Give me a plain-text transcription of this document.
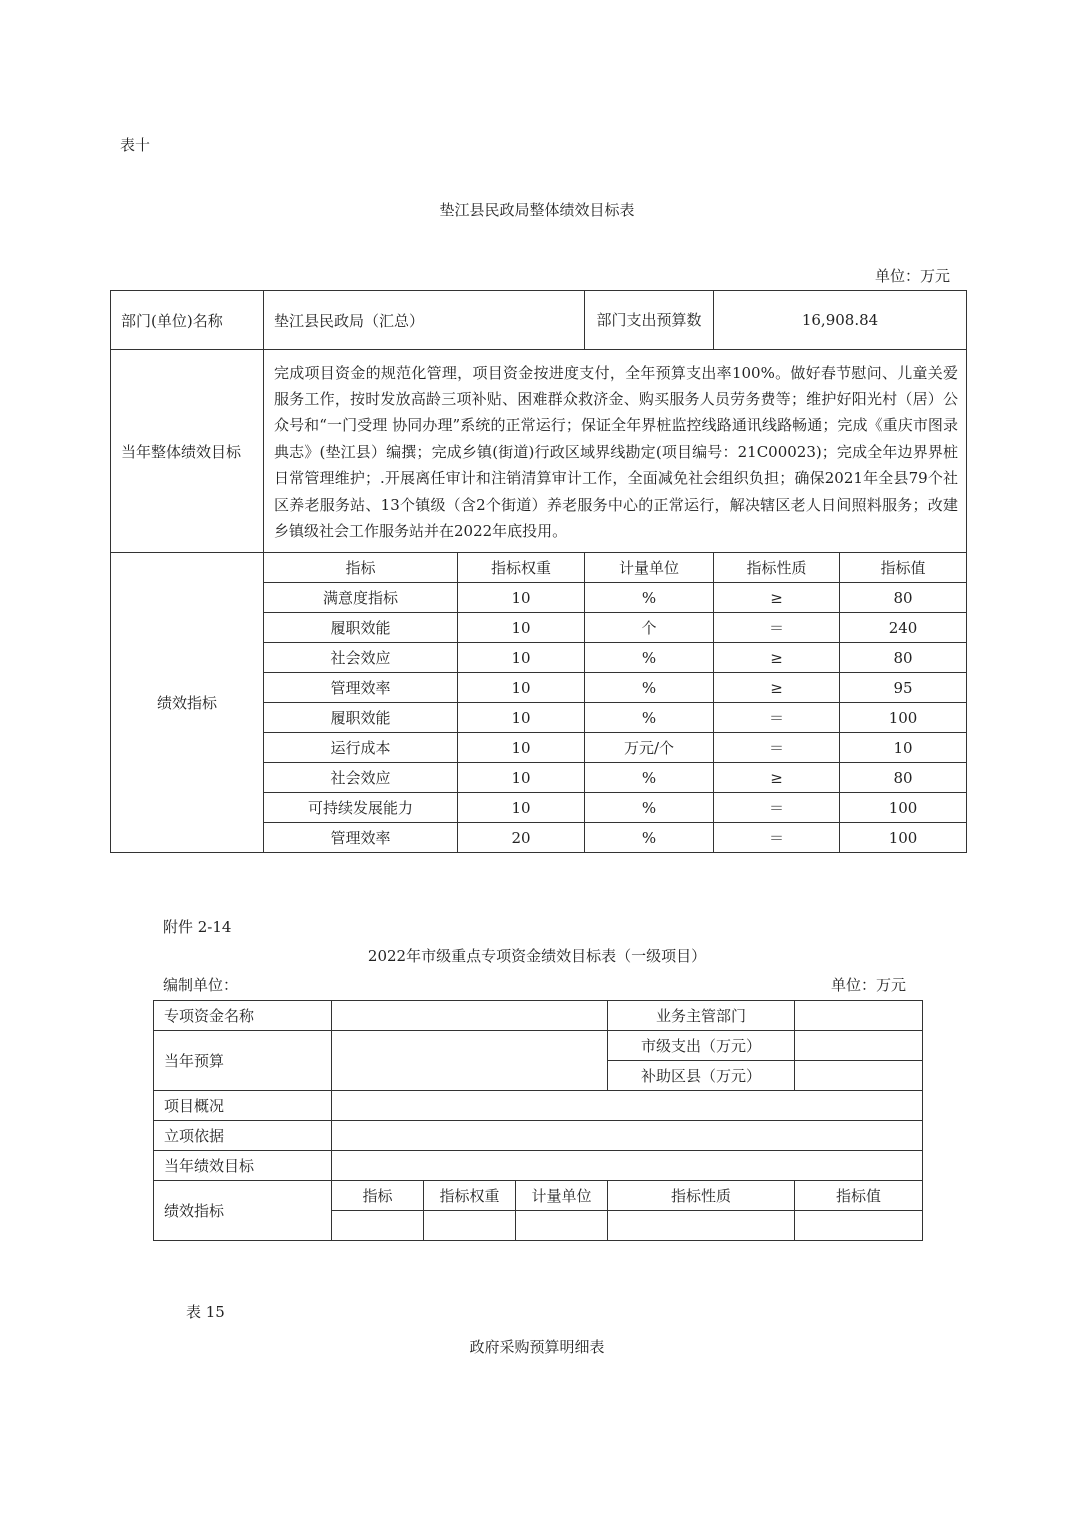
表十
垫江县民政局整体绩效目标表
单位：万元
部门(单位)名称	垫江县民政局（汇总）		部门支出预算数	16,908.84	
当年整体绩效目标	完成项目资金的规范化管理，项目资金按进度支付，全年预算支出率100%。做好春节慰问、儿童关爱服务工作，按时发放高龄三项补贴、困难群众救济金、购买服务人员劳务费等；维护好阳光村（居）公众号和“一门受理 协同办理”系统的正常运行；保证全年界桩监控线路通讯线路畅通；完成《重庆市图录典志》(垫江县）编撰；完成乡镇(街道)行政区域界线勘定(项目编号：21C00023)；完成全年边界界桩日常管理维护；.开展离任审计和注销清算审计工作，全面减免社会组织负担；确保2021年全县79个社区养老服务站、13个镇级（含2个街道）养老服务中心的正常运行，解决辖区老人日间照料服务；改建乡镇级社会工作服务站并在2022年底投用。				

绩效指标	指标	指标权重	计量单位	指标性质	指标值
	满意度指标	10	%	≥	80
	履职效能	10	个	＝	240
	社会效应	10	%	≥	80
	管理效率	10	%	≥	95
	履职效能	10	%	＝	100
	运行成本	10	万元/个	＝	10
	社会效应	10	%	≥	80
	可持续发展能力	10	%	＝	100
	管理效率	20	%	＝	100
附件 2-14
2022年市级重点专项资金绩效目标表（一级项目）
编制单位：	单位：万元
专项资金名称				业务主管部门	
当年预算				市级支出（万元）	
				补助区县（万元）	
项目概况					
立项依据					
当年绩效目标					
绩效指标	指标	指标权重	计量单位	指标性质	指标值

表 15
政府采购预算明细表
